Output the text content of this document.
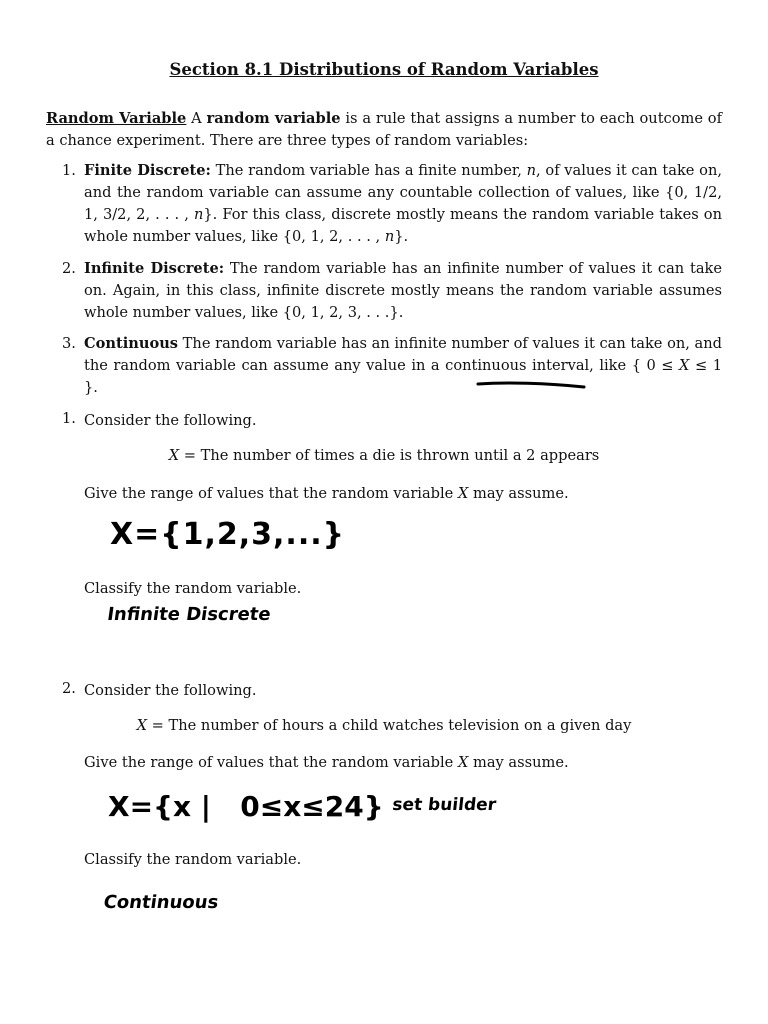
Section 8.1 Distributions of Random Variables
Random Variable A random variable is a rule that assigns a number to each outcome of a chance experiment. There are three types of random variables:
1. Finite Discrete: The random variable has a finite number, n, of values it can take on, and the random variable can assume any countable collection of values, like {0, 1/2, 1, 3/2, 2, . . . , n}. For this class, discrete mostly means the random variable takes on whole number values, like {0, 1, 2, . . . , n}.
2. Infinite Discrete: The random variable has an infinite number of values it can take on. Again, in this class, infinite discrete mostly means the random variable assumes whole number values, like {0, 1, 2, 3, . . .}.
3. Continuous The random variable has an infinite number of values it can take on, and the random variable can assume any value in a continuous interval, like { 0 ≤ X ≤ 1 }.
1. Consider the following.
X = The number of times a die is thrown until a 2 appears
Give the range of values that the random variable X may assume.
X={1,2,3,...}
Classify the random variable.
Infinite Discrete
2. Consider the following.
X = The number of hours a child watches television on a given day
Give the range of values that the random variable X may assume.
X={x |   0≤x≤24} set builder
Classify the random variable.
Continuous
